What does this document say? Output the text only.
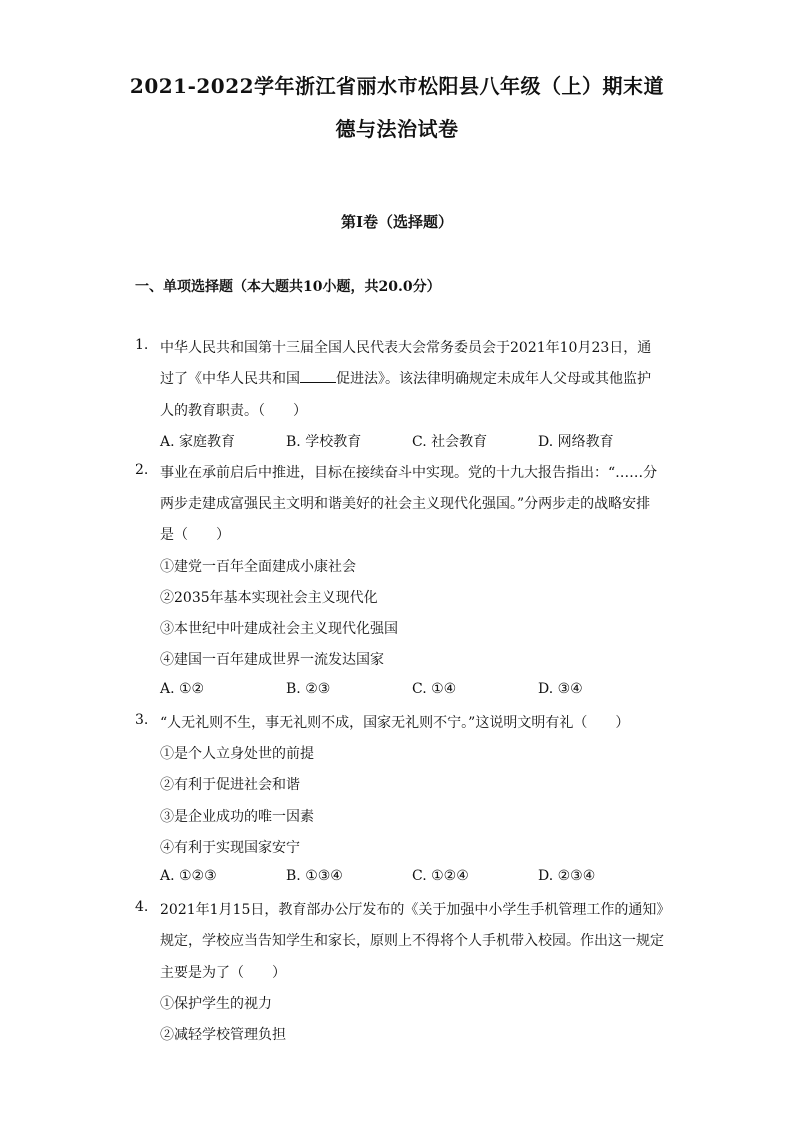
2021-2022学年浙江省丽水市松阳县八年级（上）期末道
德与法治试卷
第Ⅰ卷（选择题）
一、单项选择题（本大题共10小题，共20.0分）
1. 中华人民共和国第十三届全国人民代表大会常务委员会于2021年10月23日，通
过了《中华人民共和国	促进法》。该法律明确规定未成年人父母或其他监护
人的教育职责。（　　）
A. 家庭教育	B. 学校教育	C. 社会教育	D. 网络教育
2. 事业在承前启后中推进，目标在接续奋斗中实现。党的十九大报告指出：“……分
两步走建成富强民主文明和谐美好的社会主义现代化强国。”分两步走的战略安排
是（　　）
①建党一百年全面建成小康社会
②2035年基本实现社会主义现代化
③本世纪中叶建成社会主义现代化强国
④建国一百年建成世界一流发达国家
A. ①②	B. ②③	C. ①④	D. ③④
3. “人无礼则不生，事无礼则不成，国家无礼则不宁。”这说明文明有礼（　　）
①是个人立身处世的前提
②有利于促进社会和谐
③是企业成功的唯一因素
④有利于实现国家安宁
A. ①②③	B. ①③④	C. ①②④	D. ②③④
4. 2021年1月15日，教育部办公厅发布的《关于加强中小学生手机管理工作的通知》
规定，学校应当告知学生和家长，原则上不得将个人手机带入校园。作出这一规定
主要是为了（　　）
①保护学生的视力
②减轻学校管理负担
